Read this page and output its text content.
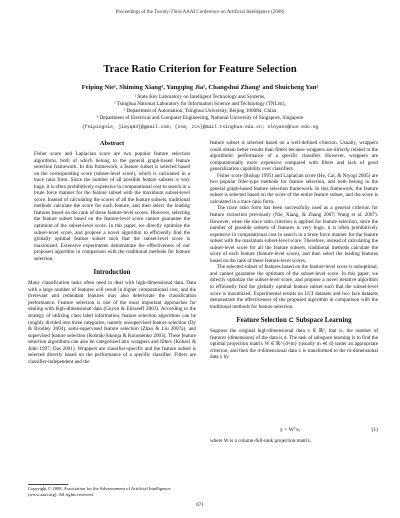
Proceedings of the Twenty-Third AAAI Conference on Artificial Intelligence (2008)
Trace Ratio Criterion for Feature Selection
Feiping Nie¹, Shiming Xiang¹, Yangqing Jia¹, Changshui Zhang¹ and Shuicheng Yan²
¹ State Key Laboratory on Intelligent Technology and Systems,
¹ Tsinghua National Laboratory for Information Science and Technology (TNList),
¹ Department of Automation, Tsinghua University, Beijing 100084, China
² Department of Electrical and Computer Engineering, National University of Singapore, Singapore
{feipingnie, jiayq84}@gmail.com; {xsm, zcs}@mail.tsinghua.edu.cn; eleyans@nus.edu.sg
Abstract
Fisher score and Laplacian score are two popular feature selection algorithms, both of which belong to the general graph-based feature selection framework. In this framework, a feature subset is selected based on the corresponding score (subset-level score), which is calculated in a trace ratio form. Since the number of all possible feature subsets is very huge, it is often prohibitively expensive in computational cost to search in a brute force manner for the feature subset with the maximum subset-level score. Instead of calculating the scores of all the feature subsets, traditional methods calculate the score for each feature, and then select the leading features based on the rank of these feature-level scores. However, selecting the feature subset based on the feature-level score cannot guarantee the optimum of the subset-level score. In this paper, we directly optimize the subset-level score, and propose a novel algorithm to efficiently find the globally optimal feature subset such that the subset-level score is maximized. Extensive experiments demonstrate the effectiveness of our proposed algorithm in comparison with the traditional methods for feature selection.
Introduction
Many classification tasks often need to deal with high-dimensional data. Data with a large number of features will result in higher computational cost, and the irrelevant and redundant features may also deteriorate the classification performance. Feature selection is one of the most important approaches for dealing with high-dimensional data (Guyon & Elisseeff 2003). According to the strategy of utilizing class label information, feature selection algorithms can be roughly divided into three categories, namely unsupervised feature selection (Dy & Brodley 2004), semi-supervised feature selection (Zhao & Liu 2007a), and supervised feature selection (Robnik-Sikonja & Kononenko 2003). These feature selection algorithms can also be categorized into wrappers and filters (Kohavi & John 1997; Das 2001). Wrappers are classifier-specific and the feature subset is selected directly based on the performance of a specific classifier. Filters are classifier-independent and the
Copyright © 2008, Association for the Advancement of Artificial Intelligence (www.aaai.org). All rights reserved.
feature subset is selected based on a well-defined criterion. Usually, wrappers could obtain better results than filters because wrappers are directly related to the algorithmic performance of a specific classifier. However, wrappers are computationally more expensive compared with filters and lack of good generalization capability over classifiers.
Fisher score (Bishop 1995) and Laplacian score (He, Cai, & Niyogi 2005) are two popular filter-type methods for feature selection, and both belong to the general graph-based feature selection framework. In this framework, the feature subset is selected based on the score of the entire feature subset, and the score is calculated in a trace ratio form.
The trace ratio form has been successfully used as a general criterion for feature extraction previously (Nie, Xiang, & Zhang 2007; Wang et al. 2007). However, when the trace ratio criterion is applied for feature selection, since the number of possible subsets of features is very huge, it is often prohibitively expensive in computational cost to search in a brute force manner for the feature subset with the maximum subset-level score. Therefore, instead of calculating the subset-level score for all the feature subsets, traditional methods calculate the score of each feature (feature-level score), and then select the leading features based on the rank of these feature-level scores.
The selected subset of features based on the feature-level score is suboptimal, and cannot guarantee the optimum of the subset-level score. In this paper, we directly optimize the subset-level score, and propose a novel iterative algorithm to efficiently find the globally optimal feature subset such that the subset-level score is maximized. Experimental results on UCI datasets and two face datasets demonstrate the effectiveness of the proposed algorithm in comparison with the traditional methods for feature selection.
Feature Selection ⊂ Subspace Learning
Suppose the original high-dimensional data x ∈ ℝᵈ, that is, the number of features (dimensions) of the data is d. The task of subspace learning is to find the optimal projection matrix W ∈ ℝ^{d×m} (usually m ≪ d) under an appropriate criterion, and then the d-dimensional data x is transformed to the m-dimensional data y by
y = Wᵀx,	(1)
where W is a column-full-rank projection matrix.
671
